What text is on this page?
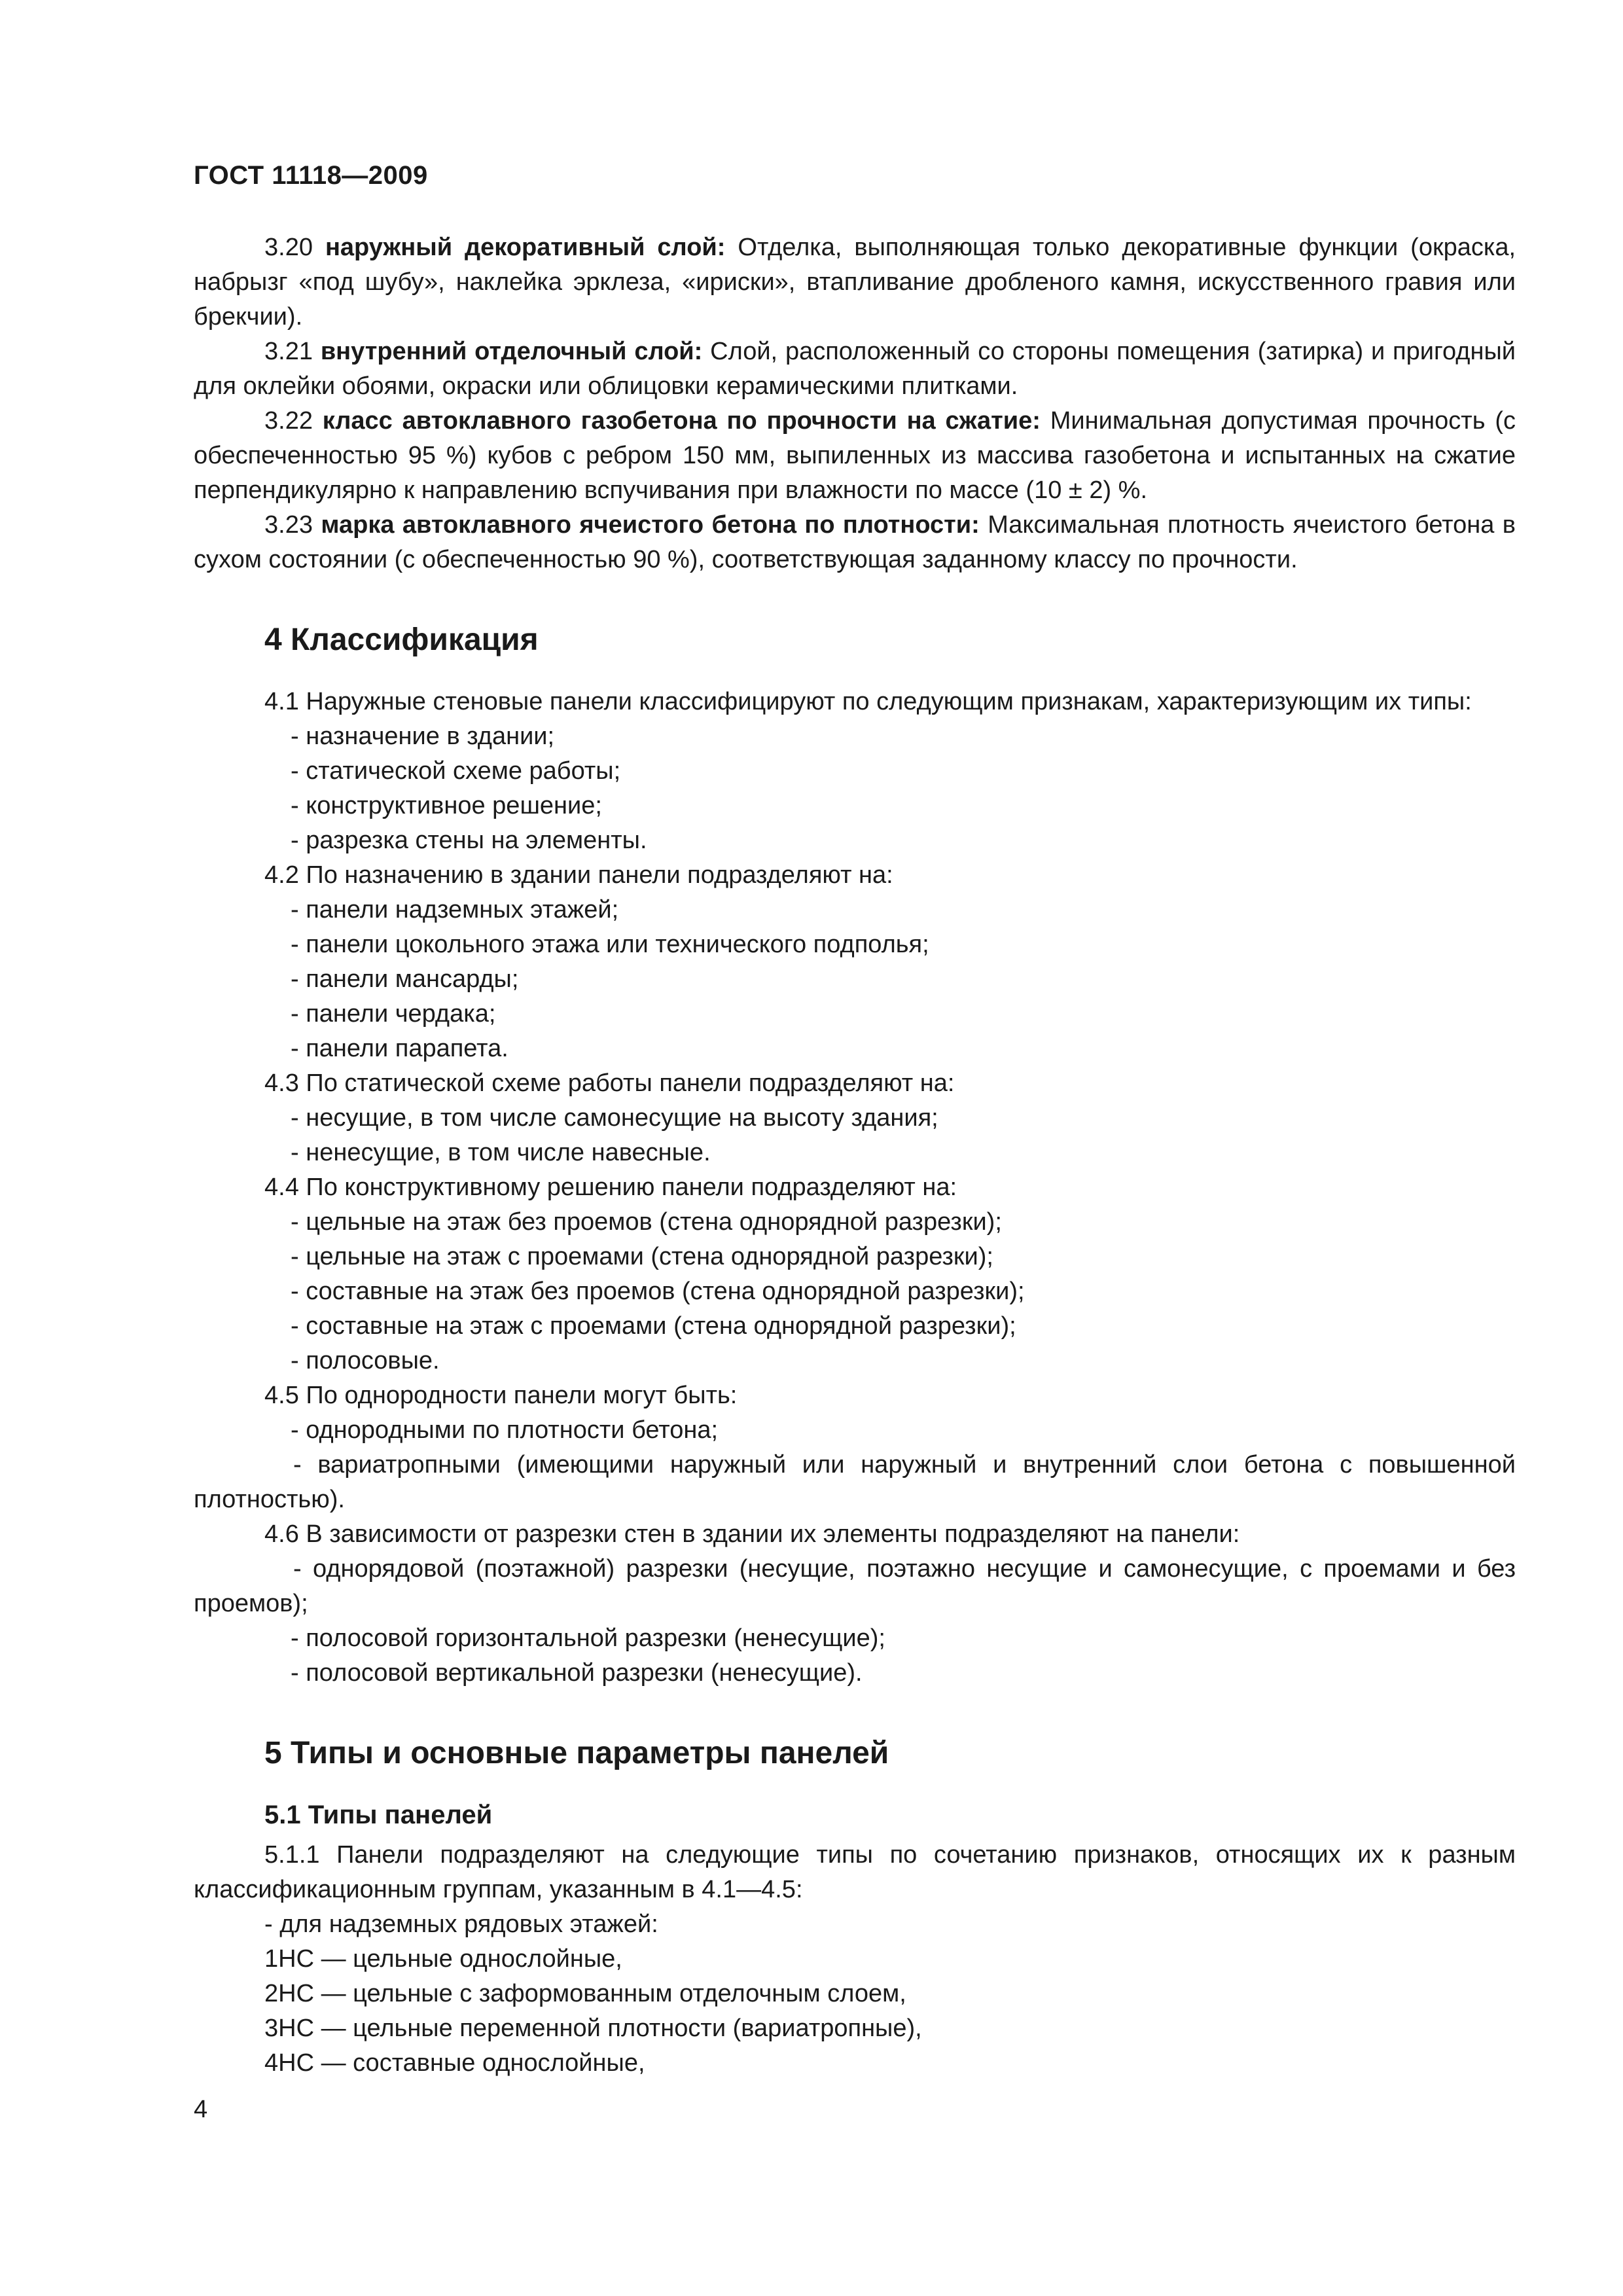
ГОСТ 11118—2009

3.20 наружный декоративный слой: Отделка, выполняющая только декоративные функции (окраска, набрызг «под шубу», наклейка эрклеза, «ириски», втапливание дробленого камня, искусственного гравия или брекчии).

3.21 внутренний отделочный слой: Слой, расположенный со стороны помещения (затирка) и пригодный для оклейки обоями, окраски или облицовки керамическими плитками.

3.22 класс автоклавного газобетона по прочности на сжатие: Минимальная допустимая прочность (с обеспеченностью 95 %) кубов с ребром 150 мм, выпиленных из массива газобетона и испытанных на сжатие перпендикулярно к направлению вспучивания при влажности по массе (10 ± 2) %.

3.23 марка автоклавного ячеистого бетона по плотности: Максимальная плотность ячеистого бетона в сухом состоянии (с обеспеченностью 90 %), соответствующая заданному классу по прочности.

4 Классификация

4.1 Наружные стеновые панели классифицируют по следующим признакам, характеризующим их типы:

- назначение в здании;

- статической схеме работы;

- конструктивное решение;

- разрезка стены на элементы.

4.2 По назначению в здании панели подразделяют на:

- панели надземных этажей;

- панели цокольного этажа или технического подполья;

- панели мансарды;

- панели чердака;

- панели парапета.

4.3 По статической схеме работы панели подразделяют на:

- несущие, в том числе самонесущие на высоту здания;

- ненесущие, в том числе навесные.

4.4 По конструктивному решению панели подразделяют на:

- цельные на этаж без проемов (стена однорядной разрезки);

- цельные на этаж с проемами (стена однорядной разрезки);

- составные на этаж без проемов (стена однорядной разрезки);

- составные на этаж с проемами (стена однорядной разрезки);

- полосовые.

4.5 По однородности панели могут быть:

- однородными по плотности бетона;

- вариатропными (имеющими наружный или наружный и внутренний слои бетона с повышенной плотностью).

4.6 В зависимости от разрезки стен в здании их элементы подразделяют на панели:

- однорядовой (поэтажной) разрезки (несущие, поэтажно несущие и самонесущие, с проемами и без проемов);

- полосовой горизонтальной разрезки (ненесущие);

- полосовой вертикальной разрезки (ненесущие).

5 Типы и основные параметры панелей
5.1 Типы панелей

5.1.1 Панели подразделяют на следующие типы по сочетанию признаков, относящих их к разным классификационным группам, указанным в 4.1—4.5:

- для надземных рядовых этажей:

1НС — цельные однослойные,

2НС — цельные с заформованным отделочным слоем,

3НС — цельные переменной плотности (вариатропные),

4НС — составные однослойные,

4
